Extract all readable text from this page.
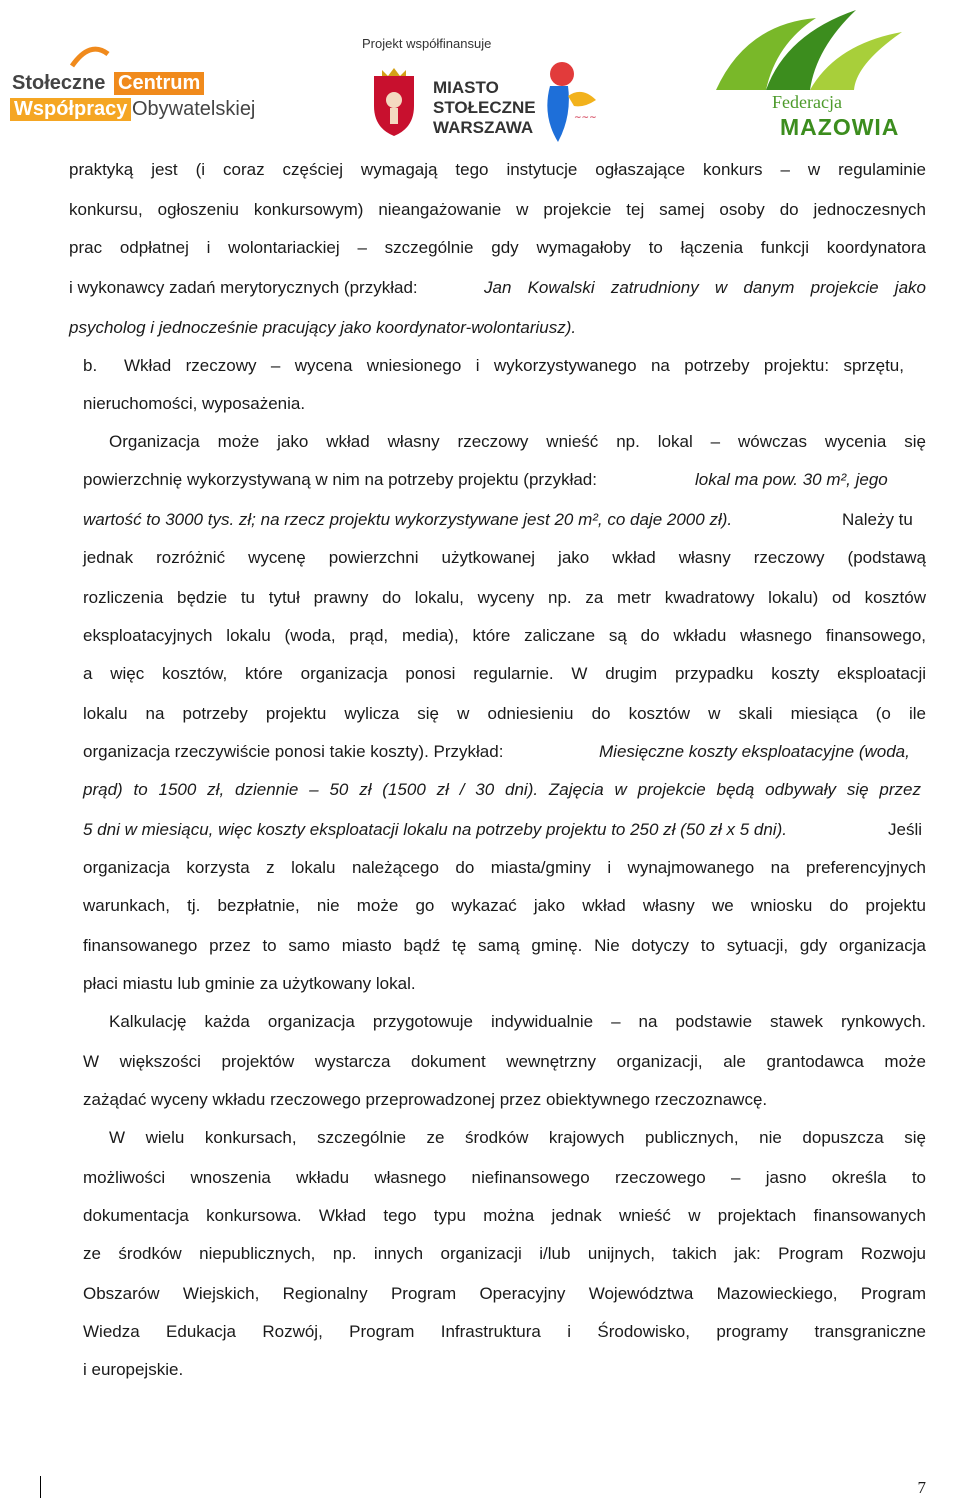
Stołeczne Centrum
Współpracy Obywatelskiej
Projekt współfinansuje
MIASTO
STOŁECZNE
WARSZAWA	~~~
Federacja
MAZOWIA
praktyką jest (i coraz częściej wymagają tego instytucje ogłaszające konkurs – w regulaminie
konkursu, ogłoszeniu konkursowym) nieangażowanie w projekcie tej samej osoby do jednoczesnych
prac odpłatnej i wolontariackiej – szczególnie gdy wymagałoby to łączenia funkcji koordynatora
i wykonawcy zadań merytorycznych (przykład:	Jan Kowalski zatrudniony w danym projekcie jako
psycholog i jednocześnie pracujący jako koordynator-wolontariusz).
b. Wkład rzeczowy – wycena wniesionego i wykorzystywanego na potrzeby projektu: sprzętu,
nieruchomości, wyposażenia.
Organizacja może jako wkład własny rzeczowy wnieść np. lokal – wówczas wycenia się
powierzchnię wykorzystywaną w nim na potrzeby projektu (przykład:	lokal ma pow. 30 m², jego
wartość to 3000 tys. zł; na rzecz projektu wykorzystywane jest 20 m², co daje 2000 zł).	Należy tu
jednak rozróżnić wycenę powierzchni użytkowanej jako wkład własny rzeczowy (podstawą
rozliczenia będzie tu tytuł prawny do lokalu, wyceny np. za metr kwadratowy lokalu) od kosztów
eksploatacyjnych lokalu (woda, prąd, media), które zaliczane są do wkładu własnego finansowego,
a więc kosztów, które organizacja ponosi regularnie. W drugim przypadku koszty eksploatacji
lokalu na potrzeby projektu wylicza się w odniesieniu do kosztów w skali miesiąca (o ile
organizacja rzeczywiście ponosi takie koszty). Przykład:	Miesięczne koszty eksploatacyjne (woda,
prąd) to 1500 zł, dziennie – 50 zł (1500 zł / 30 dni). Zajęcia w projekcie będą odbywały się przez
5 dni w miesiącu, więc koszty eksploatacji lokalu na potrzeby projektu to 250 zł (50 zł x 5 dni).	Jeśli
organizacja korzysta z lokalu należącego do miasta/gminy i wynajmowanego na preferencyjnych
warunkach, tj. bezpłatnie, nie może go wykazać jako wkład własny we wniosku do projektu
finansowanego przez to samo miasto bądź tę samą gminę. Nie dotyczy to sytuacji, gdy organizacja
płaci miastu lub gminie za użytkowany lokal.
Kalkulację każda organizacja przygotowuje indywidualnie – na podstawie stawek rynkowych.
W większości projektów wystarcza dokument wewnętrzny organizacji, ale grantodawca może
zażądać wyceny wkładu rzeczowego przeprowadzonej przez obiektywnego rzeczoznawcę.
W wielu konkursach, szczególnie ze środków krajowych publicznych, nie dopuszcza się
możliwości wnoszenia wkładu własnego niefinansowego rzeczowego – jasno określa to
dokumentacja konkursowa. Wkład tego typu można jednak wnieść w projektach finansowanych
ze środków niepublicznych, np. innych organizacji i/lub unijnych, takich jak: Program Rozwoju
Obszarów Wiejskich, Regionalny Program Operacyjny Województwa Mazowieckiego, Program
Wiedza Edukacja Rozwój, Program Infrastruktura i Środowisko, programy transgraniczne
i europejskie.
7
